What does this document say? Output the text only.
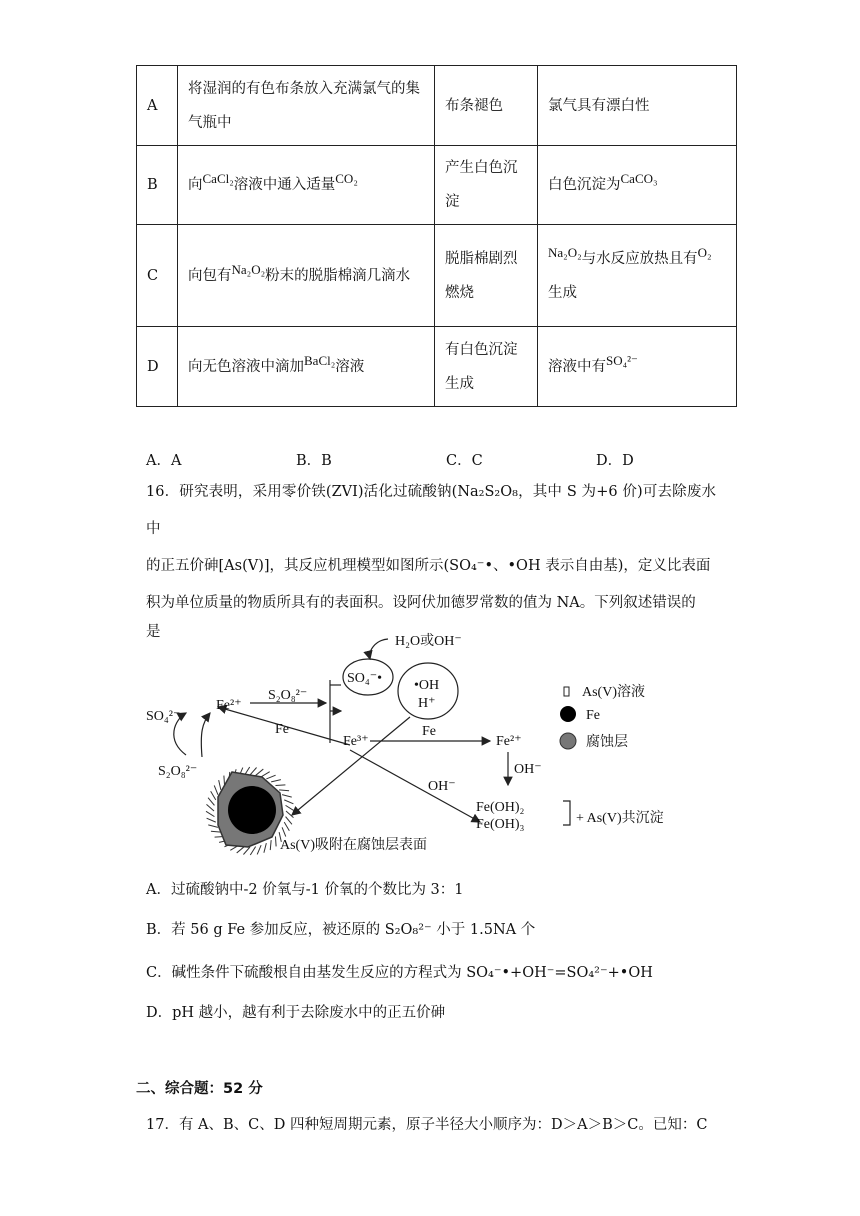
A	将湿润的有色布条放入充满氯气的集气瓶中	布条褪色	氯气具有漂白性
B	向CaCl₂溶液中通入适量CO₂	产生白色沉淀	白色沉淀为CaCO₃
C	向包有Na₂O₂粉末的脱脂棉滴几滴水	脱脂棉剧烈燃烧	Na₂O₂与水反应放热且有O₂生成
D	向无色溶液中滴加BaCl₂溶液	有白色沉淀生成	溶液中有SO₄²⁻
A．A	B．B	C．C	D．D
16．研究表明，采用零价铁(ZVI)活化过硫酸钠(Na₂S₂O₈，其中 S 为+6 价)可去除废水中
的正五价砷[As(V)]，其反应机理模型如图所示(SO₄⁻•、•OH 表示自由基)，定义比表面
积为单位质量的物质所具有的表面积。设阿伏加德罗常数的值为 NA。下列叙述错误的
是
H₂O或OH⁻
SO₄⁻• •OH
H⁺
Fe²⁺
S₂O₈²⁻
Fe
Fe³⁺
Fe
Fe²⁺
SO₄²⁻
S₂O₈²⁻	OH⁻
OH⁻
Fe(OH)₂
Fe(OH)₃	+ As(V)共沉淀
As(V)吸附在腐蚀层表面
As(V)溶液
Fe
腐蚀层
A．过硫酸钠中-2 价氧与-1 价氧的个数比为 3：1
B．若 56 g Fe 参加反应，被还原的 S₂O₈²⁻ 小于 1.5NA 个
C．碱性条件下硫酸根自由基发生反应的方程式为 SO₄⁻•+OH⁻=SO₄²⁻+•OH
D．pH 越小，越有利于去除废水中的正五价砷
二、综合题：52 分
17．有 A、B、C、D 四种短周期元素，原子半径大小顺序为：D＞A＞B＞C。已知：C
